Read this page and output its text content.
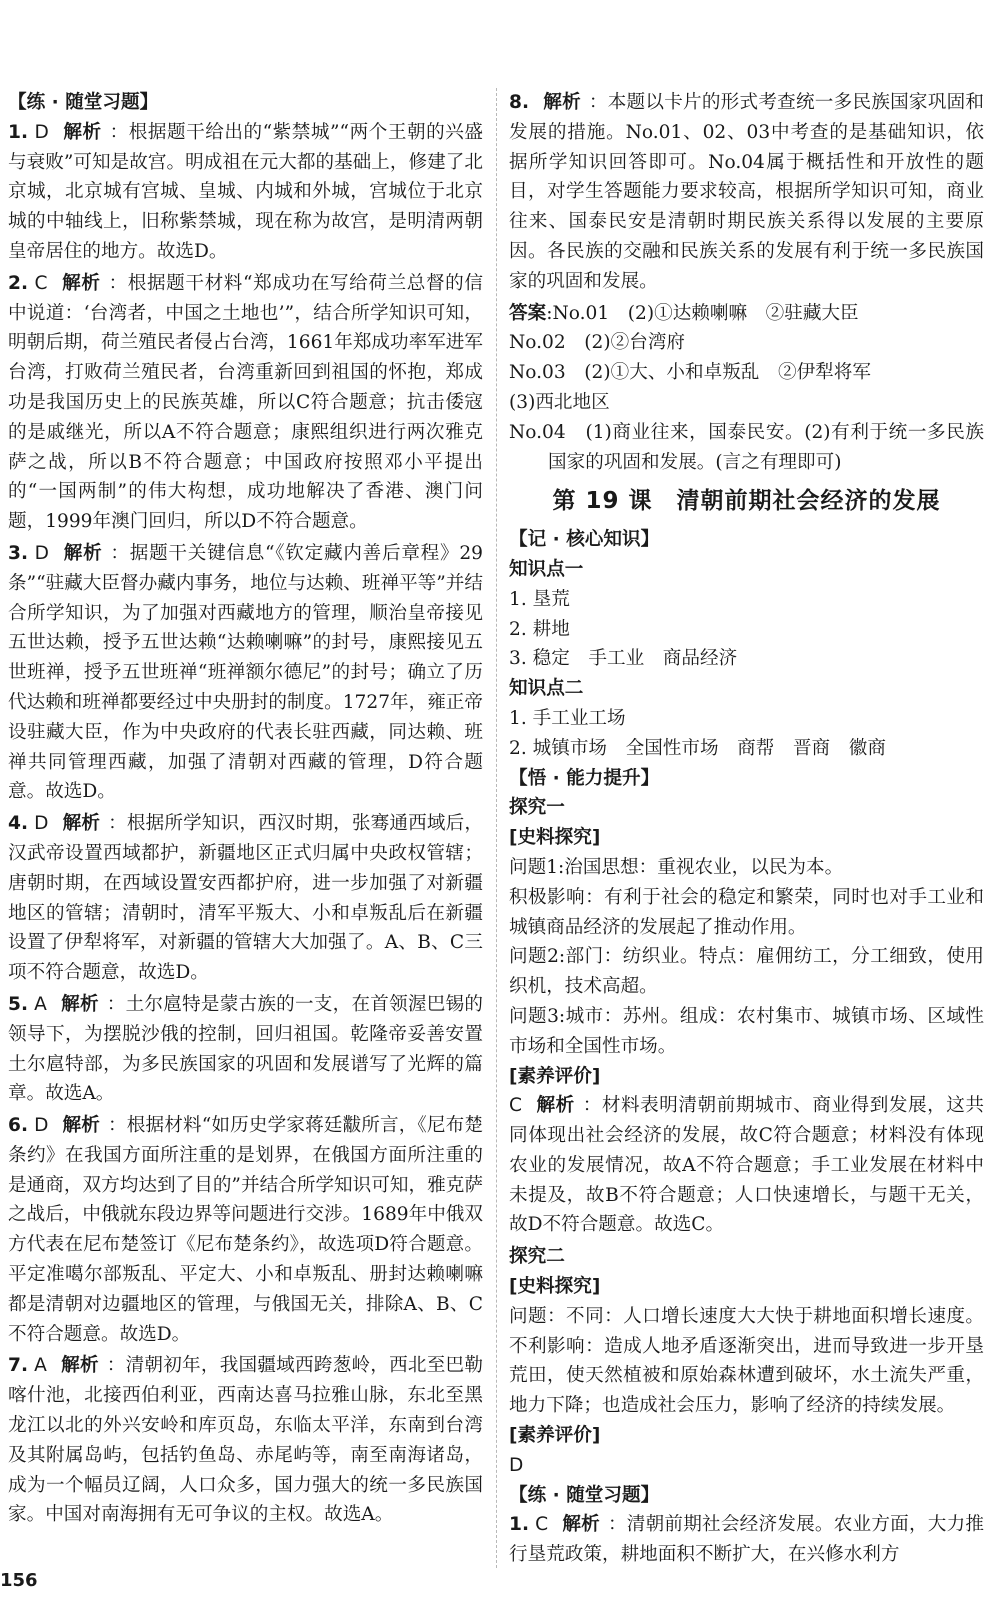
【练 · 随堂习题】

1. D 解析 ：根据题干给出的“紫禁城”“两个王朝的兴盛与衰败”可知是故宫。明成祖在元大都的基础上，修建了北京城，北京城有宫城、皇城、内城和外城，宫城位于北京城的中轴线上，旧称紫禁城，现在称为故宫，是明清两朝皇帝居住的地方。故选D。

2. C 解析 ：根据题干材料“郑成功在写给荷兰总督的信中说道：‘台湾者，中国之土地也’”，结合所学知识可知，明朝后期，荷兰殖民者侵占台湾，1661年郑成功率军进军台湾，打败荷兰殖民者，台湾重新回到祖国的怀抱，郑成功是我国历史上的民族英雄，所以C符合题意；抗击倭寇的是戚继光，所以A不符合题意；康熙组织进行两次雅克萨之战，所以B不符合题意；中国政府按照邓小平提出的“一国两制”的伟大构想，成功地解决了香港、澳门问题，1999年澳门回归，所以D不符合题意。

3. D 解析 ：据题干关键信息“《钦定藏内善后章程》29条”“驻藏大臣督办藏内事务，地位与达赖、班禅平等”并结合所学知识，为了加强对西藏地方的管理，顺治皇帝接见五世达赖，授予五世达赖“达赖喇嘛”的封号，康熙接见五世班禅，授予五世班禅“班禅额尔德尼”的封号；确立了历代达赖和班禅都要经过中央册封的制度。1727年，雍正帝设驻藏大臣，作为中央政府的代表长驻西藏，同达赖、班禅共同管理西藏，加强了清朝对西藏的管理，D符合题意。故选D。

4. D 解析 ：根据所学知识，西汉时期，张骞通西域后，汉武帝设置西域都护，新疆地区正式归属中央政权管辖；唐朝时期，在西域设置安西都护府，进一步加强了对新疆地区的管辖；清朝时，清军平叛大、小和卓叛乱后在新疆设置了伊犁将军，对新疆的管辖大大加强了。A、B、C三项不符合题意，故选D。

5. A 解析 ：土尔扈特是蒙古族的一支，在首领渥巴锡的领导下，为摆脱沙俄的控制，回归祖国。乾隆帝妥善安置土尔扈特部，为多民族国家的巩固和发展谱写了光辉的篇章。故选A。

6. D 解析 ：根据材料“如历史学家蒋廷黻所言，《尼布楚条约》在我国方面所注重的是划界，在俄国方面所注重的是通商，双方均达到了目的”并结合所学知识可知，雅克萨之战后，中俄就东段边界等问题进行交涉。1689年中俄双方代表在尼布楚签订《尼布楚条约》，故选项D符合题意。平定准噶尔部叛乱、平定大、小和卓叛乱、册封达赖喇嘛都是清朝对边疆地区的管理，与俄国无关，排除A、B、C不符合题意。故选D。

7. A 解析 ：清朝初年，我国疆域西跨葱岭，西北至巴勒喀什池，北接西伯利亚，西南达喜马拉雅山脉，东北至黑龙江以北的外兴安岭和库页岛，东临太平洋，东南到台湾及其附属岛屿，包括钓鱼岛、赤尾屿等，南至南海诸岛，成为一个幅员辽阔，人口众多，国力强大的统一多民族国家。中国对南海拥有无可争议的主权。故选A。

8. 解析 ：本题以卡片的形式考查统一多民族国家巩固和发展的措施。No.01、02、03中考查的是基础知识，依据所学知识回答即可。No.04属于概括性和开放性的题目，对学生答题能力要求较高，根据所学知识可知，商业往来、国泰民安是清朝时期民族关系得以发展的主要原因。各民族的交融和民族关系的发展有利于统一多民族国家的巩固和发展。

答案:No.01　(2)①达赖喇嘛　②驻藏大臣

No.02　(2)②台湾府

No.03　(2)①大、小和卓叛乱　②伊犁将军

(3)西北地区

No.04　(1)商业往来，国泰民安。(2)有利于统一多民族国家的巩固和发展。(言之有理即可)

第 19 课　清朝前期社会经济的发展

【记 · 核心知识】

知识点一

1. 垦荒

2. 耕地

3. 稳定　手工业　商品经济

知识点二

1. 手工业工场

2. 城镇市场　全国性市场　商帮　晋商　徽商

【悟 · 能力提升】

探究一

[史料探究]

问题1:治国思想：重视农业，以民为本。

积极影响：有利于社会的稳定和繁荣，同时也对手工业和城镇商品经济的发展起了推动作用。

问题2:部门：纺织业。特点：雇佣纺工，分工细致，使用织机，技术高超。

问题3:城市：苏州。组成：农村集市、城镇市场、区域性市场和全国性市场。

[素养评价]

C 解析 ：材料表明清朝前期城市、商业得到发展，这共同体现出社会经济的发展，故C符合题意；材料没有体现农业的发展情况，故A不符合题意；手工业发展在材料中未提及，故B不符合题意；人口快速增长，与题干无关，故D不符合题意。故选C。

探究二

[史料探究]

问题：不同：人口增长速度大大快于耕地面积增长速度。不利影响：造成人地矛盾逐渐突出，进而导致进一步开垦荒田，使天然植被和原始森林遭到破坏，水土流失严重，地力下降；也造成社会压力，影响了经济的持续发展。

[素养评价]

D

【练 · 随堂习题】

1. C 解析 ：清朝前期社会经济发展。农业方面，大力推行垦荒政策，耕地面积不断扩大，在兴修水利方

156
